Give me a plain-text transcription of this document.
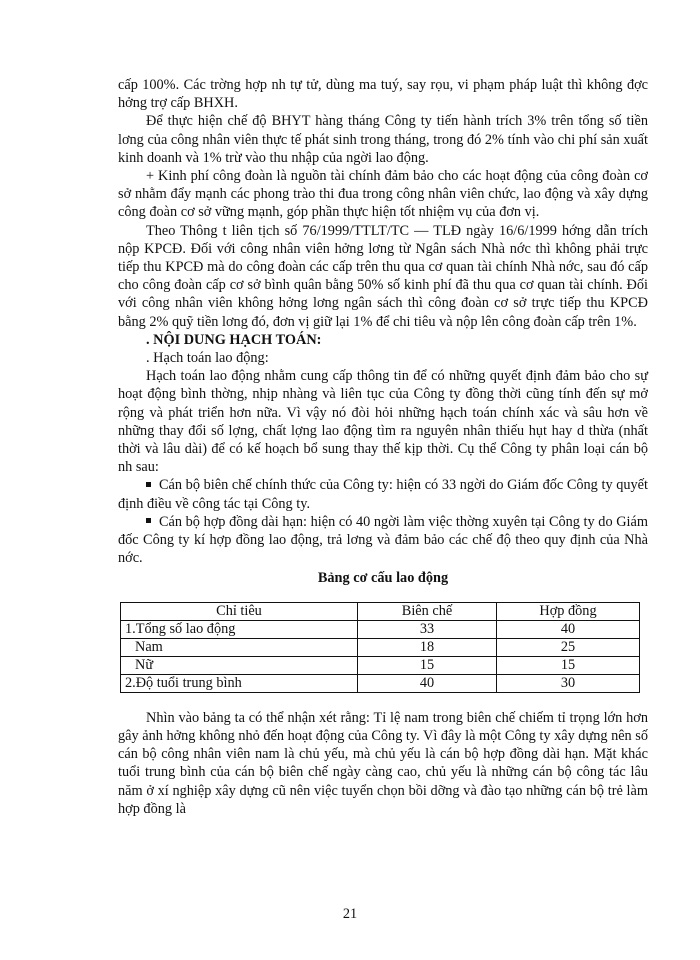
cấp 100%. Các trờng hợp nh tự tử, dùng ma tuý, say rọu, vi phạm pháp luật thì không đợc hởng trợ cấp BHXH.

Để thực hiện chế độ BHYT hàng tháng Công ty tiến hành trích 3% trên tổng số tiền lơng của công nhân viên thực tế phát sinh trong tháng, trong đó 2% tính vào chi phí sản xuất kinh doanh và 1% trừ vào thu nhập của ngời lao động.

+ Kinh phí công đoàn là nguồn tài chính đảm bảo cho các hoạt động của công đoàn cơ sở nhằm đẩy mạnh các phong trào thi đua trong công nhân viên chức, lao động và xây dựng công đoàn cơ sở vững mạnh, góp phần thực hiện tốt nhiệm vụ của đơn vị.

Theo Thông t liên tịch số 76/1999/TTLT/TC — TLĐ ngày 16/6/1999 hớng dẫn trích nộp KPCĐ. Đối với công nhân viên hởng lơng từ Ngân sách Nhà nớc thì không phải trực tiếp thu KPCĐ mà do công đoàn các cấp trên thu qua cơ quan tài chính Nhà nớc, sau đó cấp cho công đoàn cấp cơ sở bình quân bằng 50% số kinh phí đã thu qua cơ quan tài chính. Đối với công nhân viên không hởng lơng ngân sách thì công đoàn cơ sở trực tiếp thu KPCĐ bằng 2% quỹ tiền lơng đó, đơn vị giữ lại 1% để chi tiêu và nộp lên công đoàn cấp trên 1%.

. NỘI DUNG HẠCH TOÁN:

. Hạch toán lao động:

Hạch toán lao động nhằm cung cấp thông tin để có những quyết định đảm bảo cho sự hoạt động bình thờng, nhịp nhàng và liên tục của Công ty đồng thời cũng tính đến sự mở rộng và phát triển hơn nữa. Vì vậy nó đòi hỏi những hạch toán chính xác và sâu hơn về những thay đổi số lợng, chất lợng lao động tìm ra nguyên nhân thiếu hụt hay d thừa (nhất thời và lâu dài) để có kế hoạch bổ sung thay thế kịp thời. Cụ thể Công ty phân loại cán bộ nh sau:

Cán bộ biên chế chính thức của Công ty: hiện có 33 ngời do Giám đốc Công ty quyết định điều về công tác tại Công ty.

Cán bộ hợp đồng dài hạn: hiện có 40 ngời làm việc thờng xuyên tại Công ty do Giám đốc Công ty kí hợp đồng lao động, trả lơng và đảm bảo các chế độ theo quy định của Nhà nớc.

Bảng cơ cấu lao động

Chỉ tiêu	Biên chế	Hợp đồng
1.Tổng số lao động	33	40
Nam	18	25
Nữ	15	15
2.Độ tuổi trung bình	40	30

Nhìn vào bảng ta có thể nhận xét rằng: Tỉ lệ nam trong biên chế chiếm tỉ trọng lớn hơn gây ảnh hởng không nhỏ đến hoạt động của Công ty. Vì đây là một Công ty xây dựng nên số cán bộ công nhân viên nam là chủ yếu, mà chủ yếu là cán bộ hợp đồng dài hạn. Mặt khác tuổi trung bình của cán bộ biên chế ngày càng cao, chủ yếu là những cán bộ công tác lâu năm ở xí nghiệp xây dựng cũ nên việc tuyển chọn bồi dỡng và đào tạo những cán bộ trẻ làm hợp đồng là

21
